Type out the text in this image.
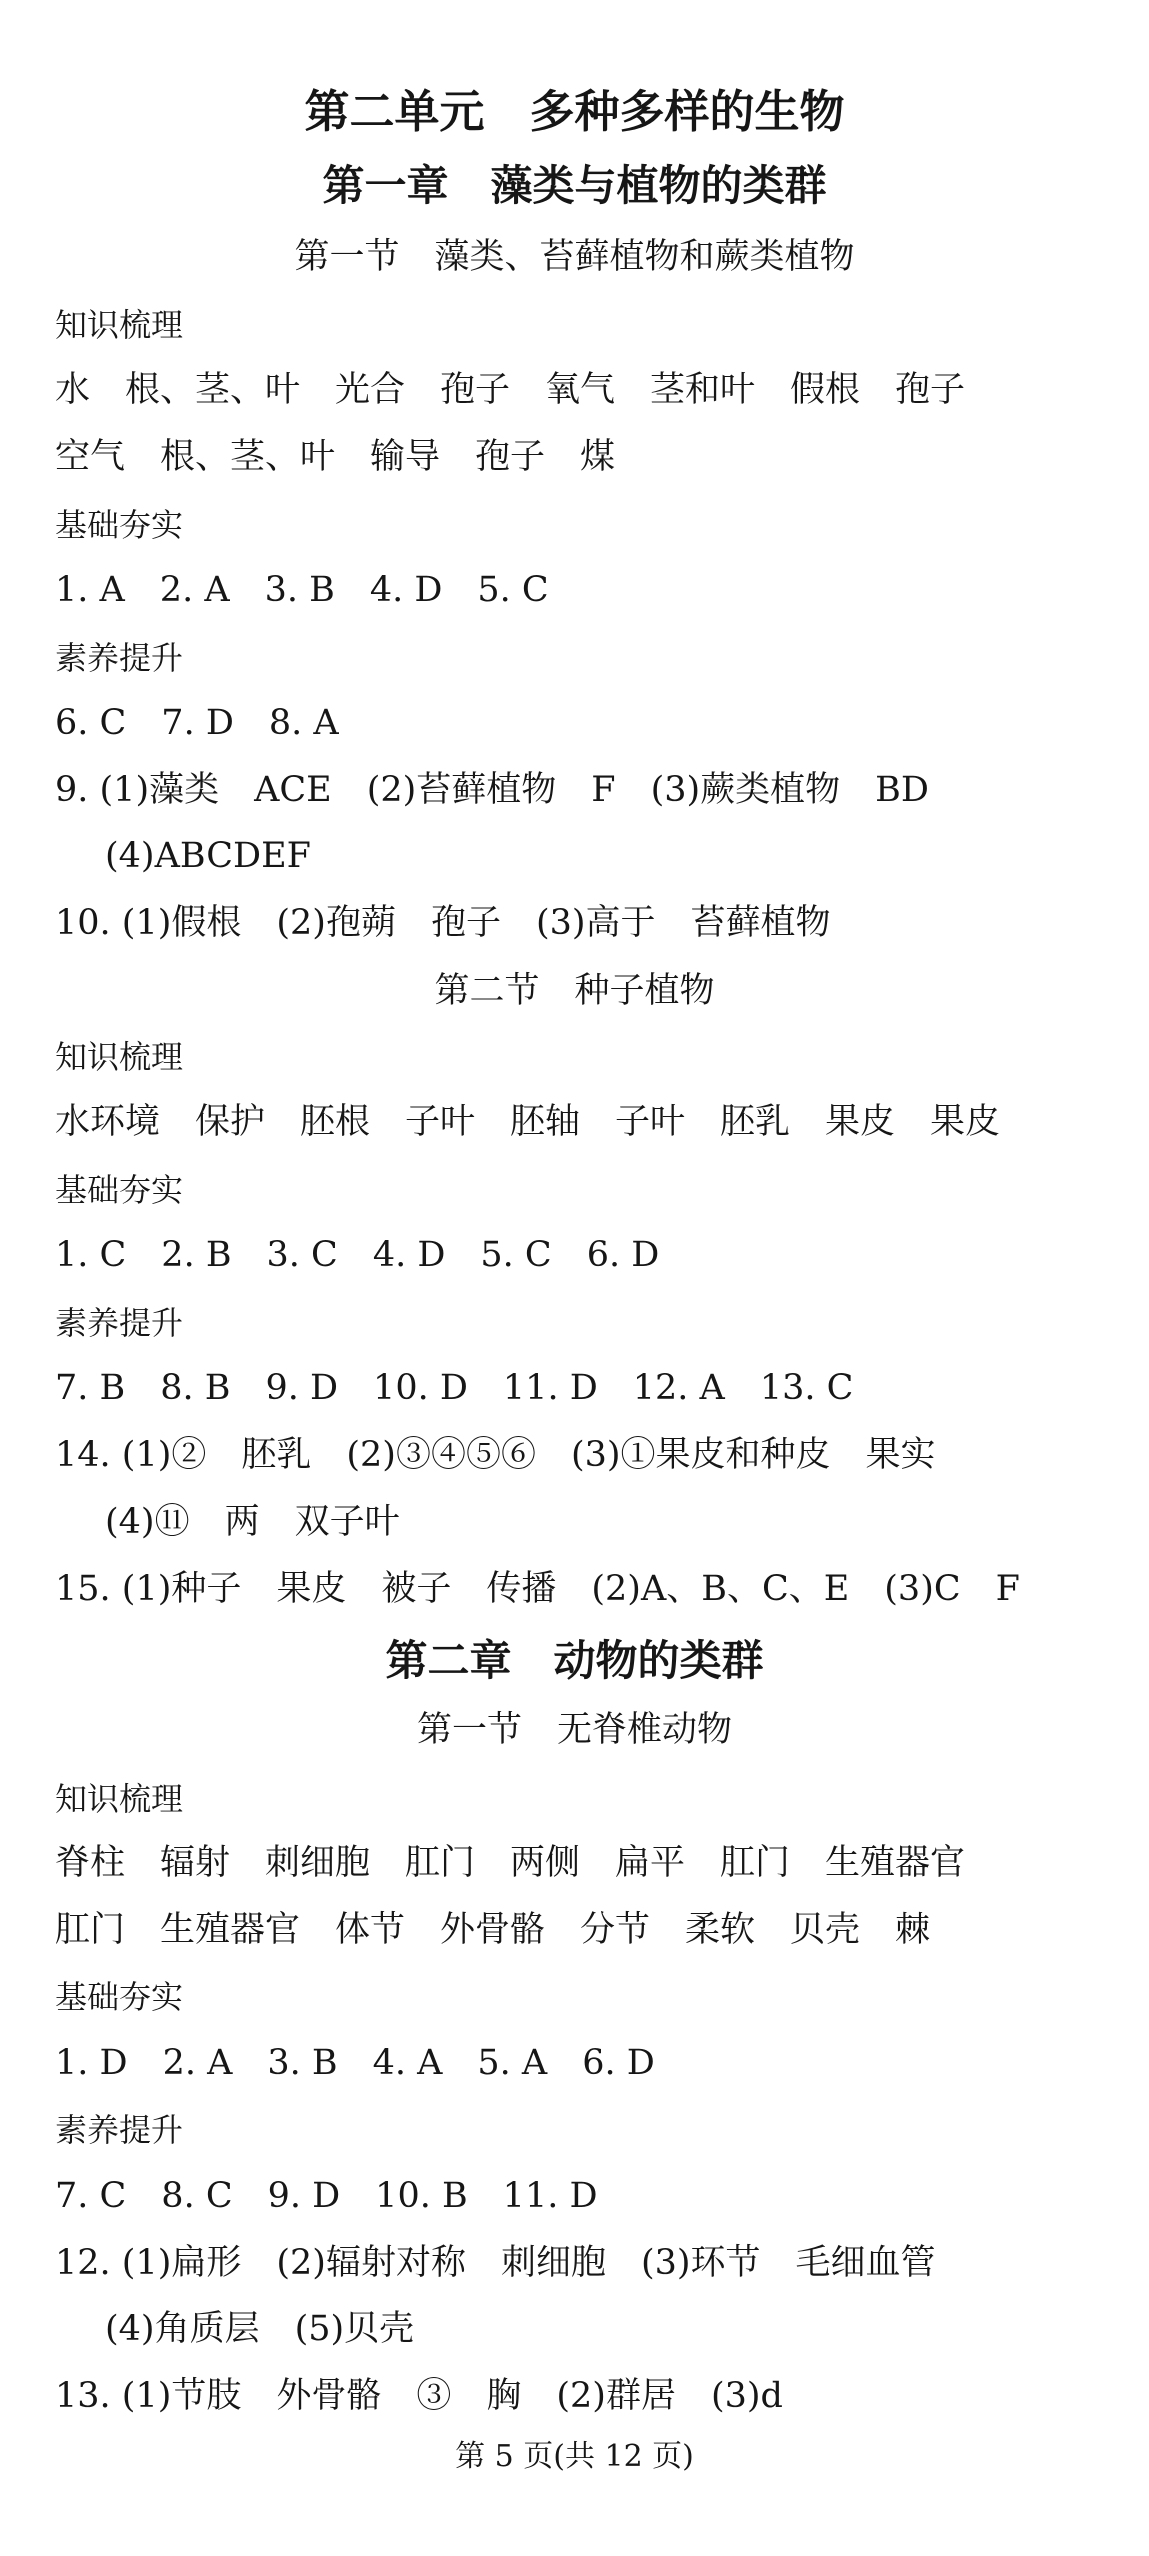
第二单元　多种多样的生物
第一章　藻类与植物的类群
第一节　藻类、苔藓植物和蕨类植物
知识梳理
水　根、茎、叶　光合　孢子　氧气　茎和叶　假根　孢子
空气　根、茎、叶　输导　孢子　煤
基础夯实
1. A　2. A　3. B　4. D　5. C
素养提升
6. C　7. D　8. A
9. (1)藻类　ACE　(2)苔藓植物　F　(3)蕨类植物　BD
(4)ABCDEF
10. (1)假根　(2)孢蒴　孢子　(3)高于　苔藓植物
第二节　种子植物
知识梳理
水环境　保护　胚根　子叶　胚轴　子叶　胚乳　果皮　果皮
基础夯实
1. C　2. B　3. C　4. D　5. C　6. D
素养提升
7. B　8. B　9. D　10. D　11. D　12. A　13. C
14. (1)②　胚乳　(2)③④⑤⑥　(3)①果皮和种皮　果实
(4)⑪　两　双子叶
15. (1)种子　果皮　被子　传播　(2)A、B、C、E　(3)C　F
第二章　动物的类群
第一节　无脊椎动物
知识梳理
脊柱　辐射　刺细胞　肛门　两侧　扁平　肛门　生殖器官
肛门　生殖器官　体节　外骨骼　分节　柔软　贝壳　棘
基础夯实
1. D　2. A　3. B　4. A　5. A　6. D
素养提升
7. C　8. C　9. D　10. B　11. D
12. (1)扁形　(2)辐射对称　刺细胞　(3)环节　毛细血管
(4)角质层　(5)贝壳
13. (1)节肢　外骨骼　③　胸　(2)群居　(3)d
第 5 页(共 12 页)
